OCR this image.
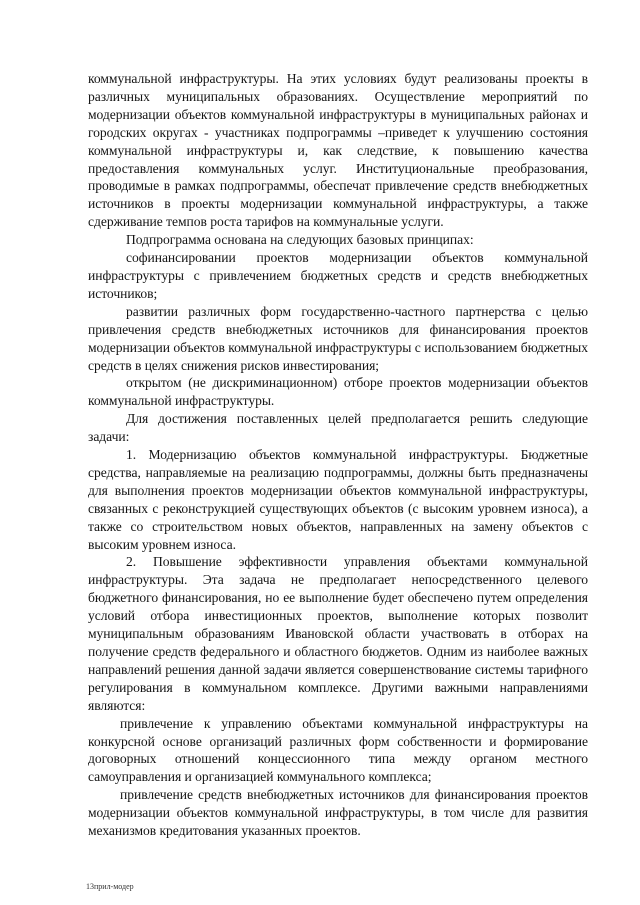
коммунальной инфраструктуры. На этих условиях будут реализованы проекты в различных муниципальных образованиях. Осуществление мероприятий по модернизации объектов коммунальной инфраструктуры в муниципальных районах и городских округах - участниках подпрограммы –приведет к улучшению состояния коммунальной инфраструктуры и, как следствие, к повышению качества предоставления коммунальных услуг. Институциональные преобразования, проводимые в рамках подпрограммы, обеспечат привлечение средств внебюджетных источников в проекты модернизации коммунальной инфраструктуры, а также сдерживание темпов роста тарифов на коммунальные услуги.

Подпрограмма основана на следующих базовых принципах:

софинансировании проектов модернизации объектов коммунальной инфраструктуры с привлечением бюджетных средств и средств внебюджетных источников;

развитии различных форм государственно-частного партнерства с целью привлечения средств внебюджетных источников для финансирования проектов модернизации объектов коммунальной инфраструктуры с использованием бюджетных средств в целях снижения рисков инвестирования;

открытом (не дискриминационном) отборе проектов модернизации объектов коммунальной инфраструктуры.

Для достижения поставленных целей предполагается решить следующие задачи:

1. Модернизацию объектов коммунальной инфраструктуры. Бюджетные средства, направляемые на реализацию подпрограммы, должны быть предназначены для выполнения проектов модернизации объектов коммунальной инфраструктуры, связанных с реконструкцией существующих объектов (с высоким уровнем износа), а также со строительством новых объектов, направленных на замену объектов с высоким уровнем износа.

2. Повышение эффективности управления объектами коммунальной инфраструктуры. Эта задача не предполагает непосредственного целевого бюджетного финансирования, но ее выполнение будет обеспечено путем определения условий отбора инвестиционных проектов, выполнение которых позволит муниципальным образованиям Ивановской области участвовать в отборах на получение средств федерального и областного бюджетов. Одним из наиболее важных направлений решения данной задачи является совершенствование системы тарифного регулирования в коммунальном комплексе. Другими важными направлениями являются:

привлечение к управлению объектами коммунальной инфраструктуры на конкурсной основе организаций различных форм собственности и формирование договорных отношений концессионного типа между органом местного самоуправления и организацией коммунального комплекса;

привлечение средств внебюджетных источников для финансирования проектов модернизации объектов коммунальной инфраструктуры, в том числе для развития механизмов кредитования указанных проектов.

13прил-модер
